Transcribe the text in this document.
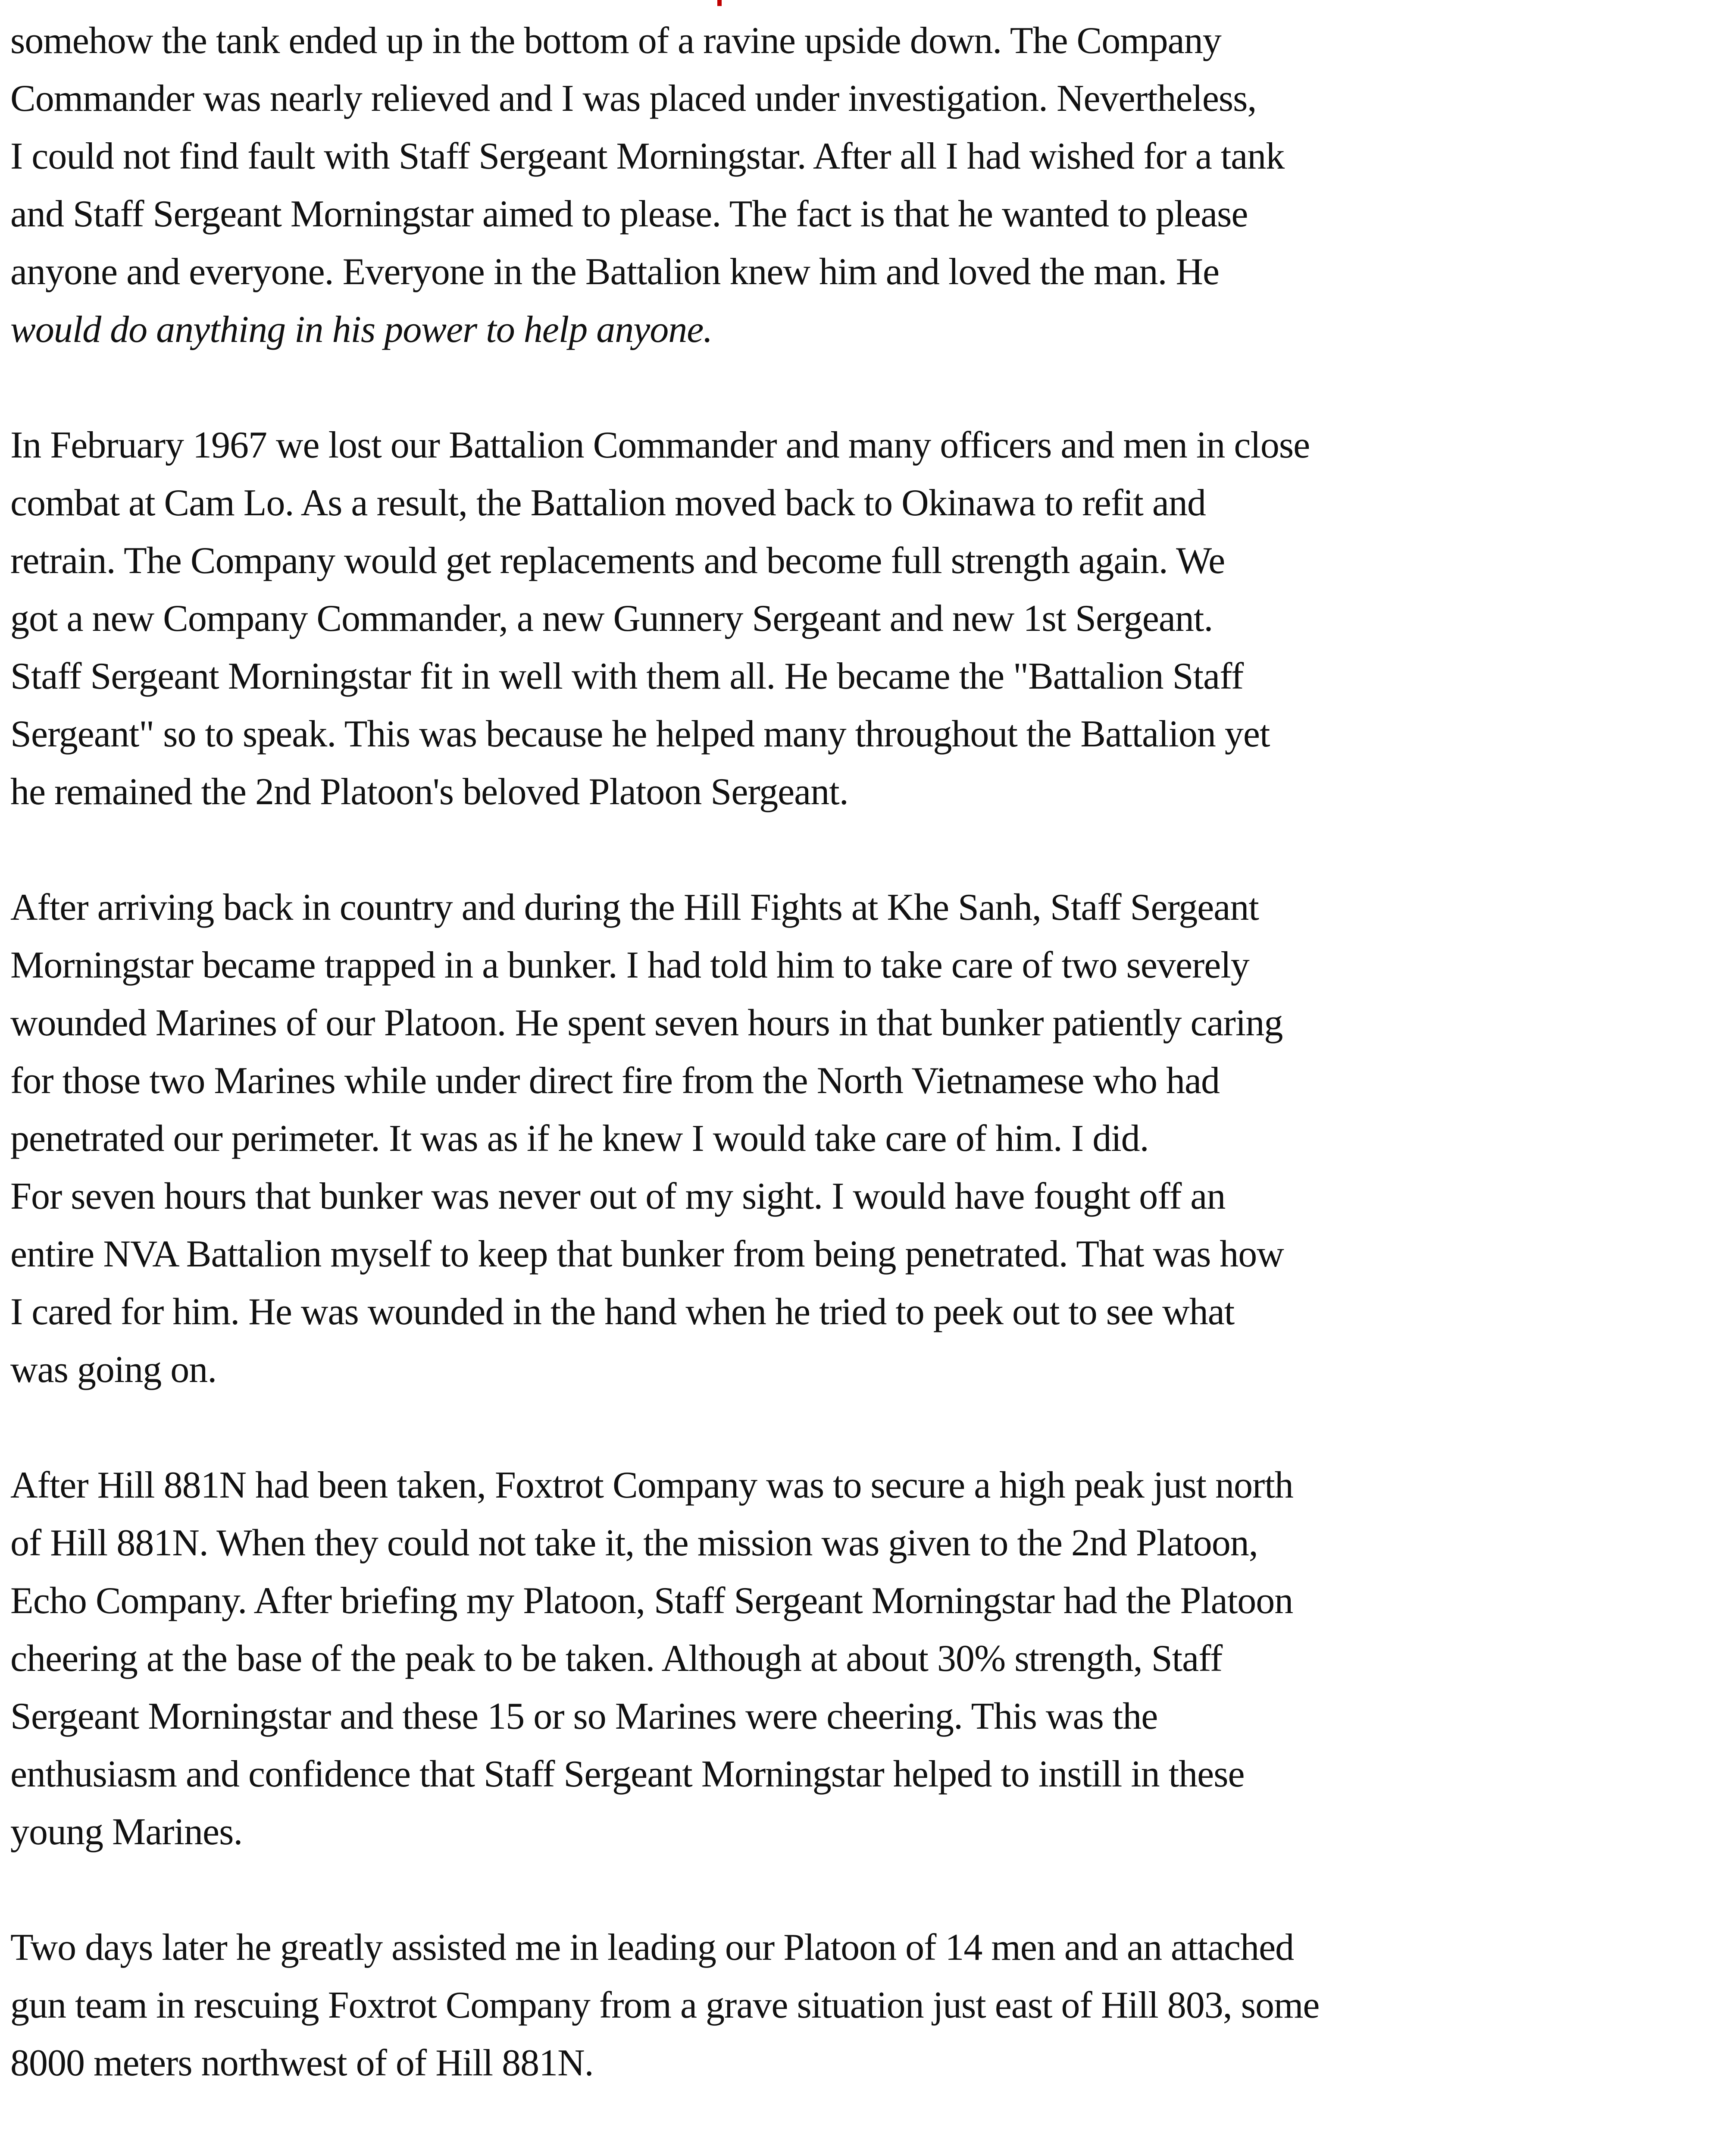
somehow the tank ended up in the bottom of a ravine upside down. The Company
Commander was nearly relieved and I was placed under investigation. Nevertheless,
I could not find fault with Staff Sergeant Morningstar. After all I had wished for a tank
and Staff Sergeant Morningstar aimed to please. The fact is that he wanted to please
anyone and everyone. Everyone in the Battalion knew him and loved the man. He
would do anything in his power to help anyone.
In February 1967 we lost our Battalion Commander and many officers and men in close
combat at Cam Lo. As a result, the Battalion moved back to Okinawa to refit and
retrain. The Company would get replacements and become full strength again. We
got a new Company Commander, a new Gunnery Sergeant and new 1st Sergeant.
Staff Sergeant Morningstar fit in well with them all. He became the "Battalion Staff
Sergeant" so to speak. This was because he helped many throughout the Battalion yet
he remained the 2nd Platoon's beloved Platoon Sergeant.
After arriving back in country and during the Hill Fights at Khe Sanh, Staff Sergeant
Morningstar became trapped in a bunker. I had told him to take care of two severely
wounded Marines of our Platoon. He spent seven hours in that bunker patiently caring
for those two Marines while under direct fire from the North Vietnamese who had
penetrated our perimeter. It was as if he knew I would take care of him. I did.
For seven hours that bunker was never out of my sight. I would have fought off an
entire NVA Battalion myself to keep that bunker from being penetrated. That was how
I cared for him. He was wounded in the hand when he tried to peek out to see what
was going on.
After Hill 881N had been taken, Foxtrot Company was to secure a high peak just north
of Hill 881N. When they could not take it, the mission was given to the 2nd Platoon,
Echo Company. After briefing my Platoon, Staff Sergeant Morningstar had the Platoon
cheering at the base of the peak to be taken. Although at about 30% strength, Staff
Sergeant Morningstar and these 15 or so Marines were cheering. This was the
enthusiasm and confidence that Staff Sergeant Morningstar helped to instill in these
young Marines.
Two days later he greatly assisted me in leading our Platoon of 14 men and an attached
gun team in rescuing Foxtrot Company from a grave situation just east of Hill 803, some
8000 meters northwest of of Hill 881N.
